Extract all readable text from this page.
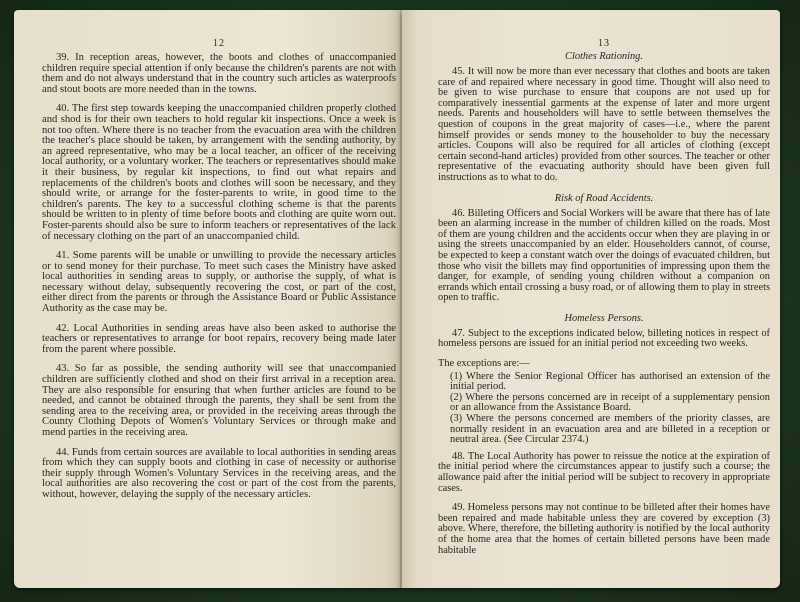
12

39. In reception areas, however, the boots and clothes of unaccompanied children require special attention if only because the children's parents are not with them and do not always understand that in the country such articles as waterproofs and stout boots are more needed than in the towns.

40. The first step towards keeping the unaccompanied children properly clothed and shod is for their own teachers to hold regular kit inspections. Once a week is not too often. Where there is no teacher from the evacuation area with the children the teacher's place should be taken, by arrangement with the sending authority, by an agreed representative, who may be a local teacher, an officer of the receiving local authority, or a voluntary worker. The teachers or representatives should make it their business, by regular kit inspections, to find out what repairs and replacements of the children's boots and clothes will soon be necessary, and they should write, or arrange for the foster-parents to write, in good time to the children's parents. The key to a successful clothing scheme is that the parents should be written to in plenty of time before boots and clothing are quite worn out. Foster-parents should also be sure to inform teachers or representatives of the lack of necessary clothing on the part of an unaccompanied child.

41. Some parents will be unable or unwilling to provide the necessary articles or to send money for their purchase. To meet such cases the Ministry have asked local authorities in sending areas to supply, or authorise the supply, of what is necessary without delay, subsequently recovering the cost, or part of the cost, either direct from the parents or through the Assistance Board or Public Assistance Authority as the case may be.

42. Local Authorities in sending areas have also been asked to authorise the teachers or representatives to arrange for boot repairs, recovery being made later from the parent where possible.

43. So far as possible, the sending authority will see that unaccompanied children are sufficiently clothed and shod on their first arrival in a reception area. They are also responsible for ensuring that when further articles are found to be needed, and cannot be obtained through the parents, they shall be sent from the sending area to the receiving area, or provided in the receiving areas through the County Clothing Depots of Women's Voluntary Services or through make and mend parties in the receiving area.

44. Funds from certain sources are available to local authorities in sending areas from which they can supply boots and clothing in case of necessity or authorise their supply through Women's Voluntary Services in the receiving areas, and the local authorities are also recovering the cost or part of the cost from the parents, without, however, delaying the supply of the necessary articles.

13
Clothes Rationing.

45. It will now be more than ever necessary that clothes and boots are taken care of and repaired where necessary in good time. Thought will also need to be given to wise purchase to ensure that coupons are not used up for comparatively inessential garments at the expense of later and more urgent needs. Parents and householders will have to settle between themselves the question of coupons in the great majority of cases—i.e., where the parent himself provides or sends money to the householder to buy the necessary articles. Coupons will also be required for all articles of clothing (except certain second-hand articles) provided from other sources. The teacher or other representative of the evacuating authority should have been given full instructions as to what to do.

Risk of Road Accidents.

46. Billeting Officers and Social Workers will be aware that there has of late been an alarming increase in the number of children killed on the roads. Most of them are young children and the accidents occur when they are playing in or using the streets unaccompanied by an elder. Householders cannot, of course, be expected to keep a constant watch over the doings of evacuated children, but those who visit the billets may find opportunities of impressing upon them the danger, for example, of sending young children without a companion on errands which entail crossing a busy road, or of allowing them to play in streets open to traffic.

Homeless Persons.

47. Subject to the exceptions indicated below, billeting notices in respect of homeless persons are issued for an initial period not exceeding two weeks.

The exceptions are:—

(1) Where the Senior Regional Officer has authorised an extension of the initial period.

(2) Where the persons concerned are in receipt of a supplementary pension or an allowance from the Assistance Board.

(3) Where the persons concerned are members of the priority classes, are normally resident in an evacuation area and are billeted in a reception or neutral area. (See Circular 2374.)

48. The Local Authority has power to reissue the notice at the expiration of the initial period where the circumstances appear to justify such a course; the allowance paid after the initial period will be subject to recovery in appropriate cases.

49. Homeless persons may not continue to be billeted after their homes have been repaired and made habitable unless they are covered by exception (3) above. Where, therefore, the billeting authority is notified by the local authority of the home area that the homes of certain billeted persons have been made habitable
